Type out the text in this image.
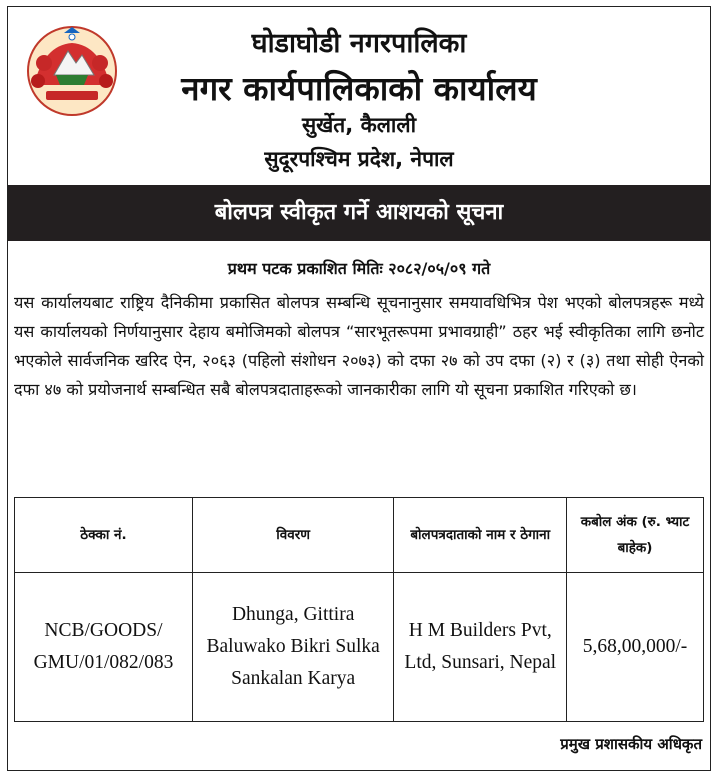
घोडाघोडी नगरपालिका
नगर कार्यपालिकाको कार्यालय
सुर्खेत, कैलाली
सुदूरपश्चिम प्रदेश, नेपाल
बोलपत्र स्वीकृत गर्ने आशयको सूचना
प्रथम पटक प्रकाशित मितिः २०८२/०५/०९ गते
यस कार्यालयबाट राष्ट्रिय दैनिकीमा प्रकासित बोलपत्र सम्बन्धि सूचनानुसार समयावधिभित्र पेश भएको बोलपत्रहरू मध्ये यस कार्यालयको निर्णयानुसार देहाय बमोजिमको बोलपत्र “सारभूतरूपमा प्रभावग्राही” ठहर भई स्वीकृतिका लागि छनोट भएकोले सार्वजनिक खरिद ऐन, २०६३ (पहिलो संशोधन २०७३) को दफा २७ को उप दफा (२) र (३) तथा सोही ऐनको दफा ४७ को प्रयोजनार्थ सम्बन्धित सबै बोलपत्रदाताहरूको जानकारीका लागि यो सूचना प्रकाशित गरिएको छ।
ठेक्का नं.	विवरण	बोलपत्रदाताको नाम र ठेगाना	कबोल अंक (रु. भ्याट बाहेक)
NCB/GOODS/ GMU/01/082/083	Dhunga, Gittira Baluwako Bikri Sulka Sankalan Karya	H M Builders Pvt, Ltd, Sunsari, Nepal	5,68,00,000/-
प्रमुख प्रशासकीय अधिकृत
